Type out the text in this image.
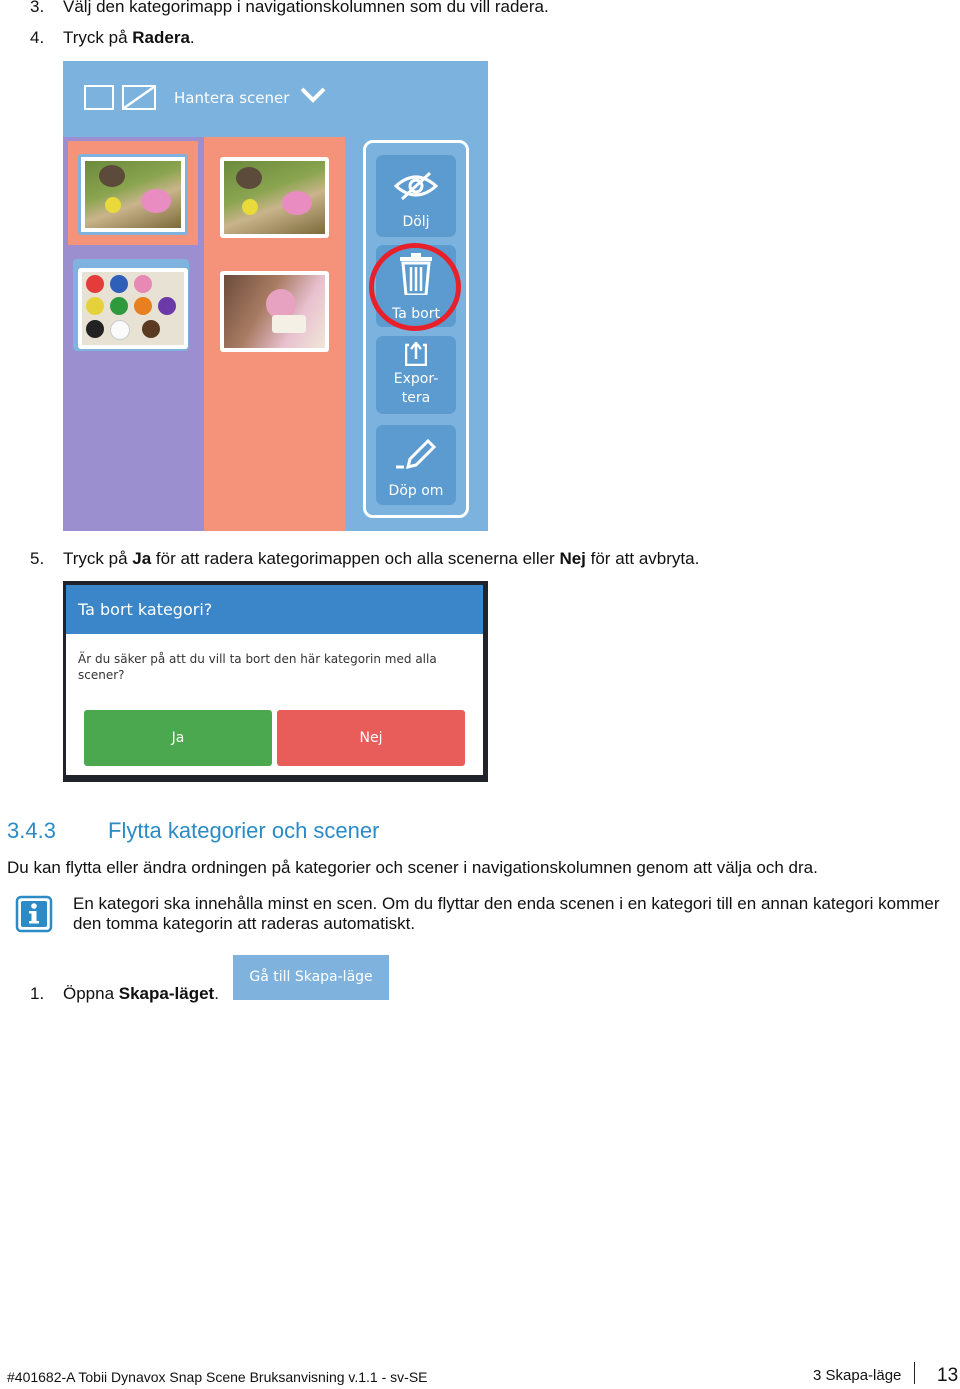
3.	Välj den kategorimapp i navigationskolumnen som du vill radera.
4.	Tryck på Radera.
Hantera scener
Dölj
Ta bort
Expor-
tera
Döp om
5.	Tryck på Ja för att radera kategorimappen och alla scenerna eller Nej för att avbryta.
Ta bort kategori?
Är du säker på att du vill ta bort den här kategorin med alla scener?
Ja	Nej
3.4.3 Flytta kategorier och scener
Du kan flytta eller ändra ordningen på kategorier och scener i navigationskolumnen genom att välja och dra.
En kategori ska innehålla minst en scen. Om du flyttar den enda scenen i en kategori till en annan kategori kommer den tomma kategorin att raderas automatiskt.
1.	Öppna Skapa-läget.
Gå till Skapa-läge
#401682-A Tobii Dynavox Snap Scene Bruksanvisning v.1.1 - sv-SE	3 Skapa-läge 13
